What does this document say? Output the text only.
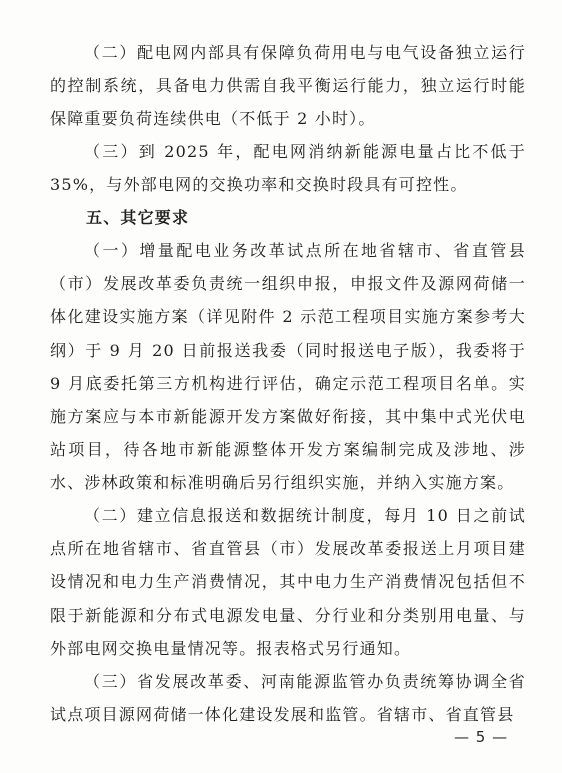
（二）配电网内部具有保障负荷用电与电气设备独立运行的控制系统，具备电力供需自我平衡运行能力，独立运行时能保障重要负荷连续供电（不低于 2 小时）。

（三）到 2025 年，配电网消纳新能源电量占比不低于 35%，与外部电网的交换功率和交换时段具有可控性。

五、其它要求

（一）增量配电业务改革试点所在地省辖市、省直管县（市）发展改革委负责统一组织申报，申报文件及源网荷储一体化建设实施方案（详见附件 2 示范工程项目实施方案参考大纲）于 9 月 20 日前报送我委（同时报送电子版），我委将于 9 月底委托第三方机构进行评估，确定示范工程项目名单。实施方案应与本市新能源开发方案做好衔接，其中集中式光伏电站项目，待各地市新能源整体开发方案编制完成及涉地、涉水、涉林政策和标准明确后另行组织实施，并纳入实施方案。

（二）建立信息报送和数据统计制度，每月 10 日之前试点所在地省辖市、省直管县（市）发展改革委报送上月项目建设情况和电力生产消费情况，其中电力生产消费情况包括但不限于新能源和分布式电源发电量、分行业和分类别用电量、与外部电网交换电量情况等。报表格式另行通知。

（三）省发展改革委、河南能源监管办负责统筹协调全省试点项目源网荷储一体化建设发展和监管。省辖市、省直管县

— 5 —
